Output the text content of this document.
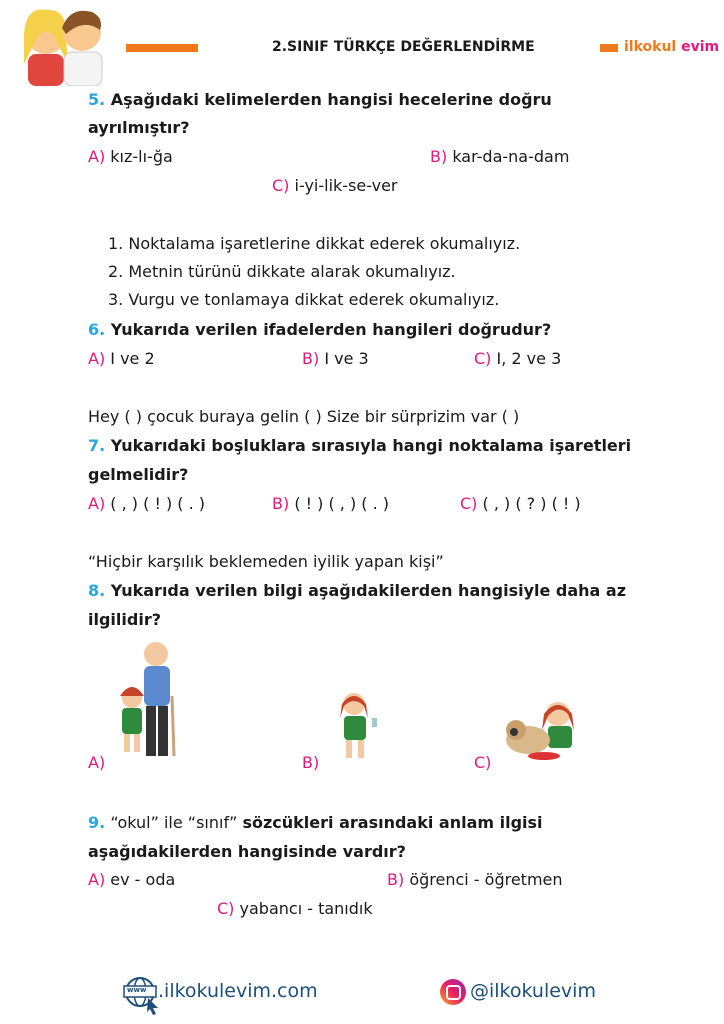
2.SINIF TÜRKÇE DEĞERLENDİRME	ilkokul evim
5. Aşağıdaki kelimelerden hangisi hecelerine doğru
ayrılmıştır?
A) kız-lı-ğa	B) kar-da-na-dam
C) i-yi-lik-se-ver
1. Noktalama işaretlerine dikkat ederek okumalıyız.
2. Metnin türünü dikkate alarak okumalıyız.
3. Vurgu ve tonlamaya dikkat ederek okumalıyız.
6. Yukarıda verilen ifadelerden hangileri doğrudur?
A) I ve 2	B) I ve 3	C) I, 2 ve 3
Hey ( ) çocuk buraya gelin ( ) Size bir sürprizim var ( )
7. Yukarıdaki boşluklara sırasıyla hangi noktalama işaretleri
gelmelidir?
A) ( , ) ( ! ) ( . )	B) ( ! ) ( , ) ( . )	C) ( , ) ( ? ) ( ! )
“Hiçbir karşılık beklemeden iyilik yapan kişi”
8. Yukarıda verilen bilgi aşağıdakilerden hangisiyle daha az
ilgilidir?
A)	B)	C)
9. “okul” ile “sınıf” sözcükleri arasındaki anlam ilgisi
aşağıdakilerden hangisinde vardır?
A) ev - oda	B) öğrenci - öğretmen
C) yabancı - tanıdık
www .ilkokulevim.com	@ilkokulevim
